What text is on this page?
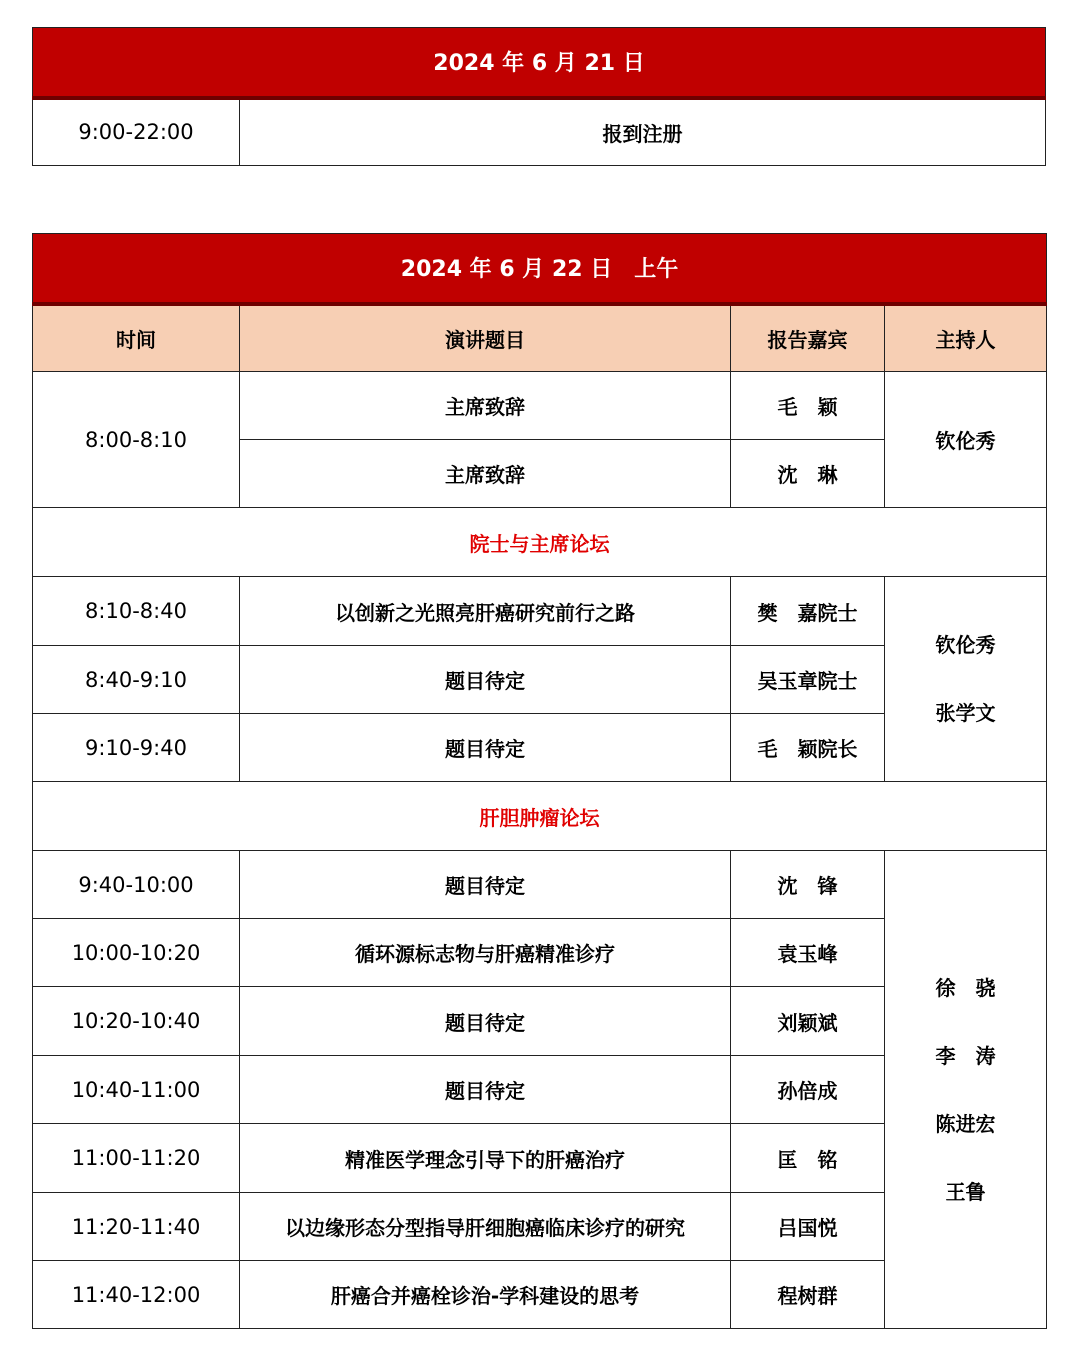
2024 年 6 月 21 日
9:00-22:00	报到注册
2024 年 6 月 22 日　上午			
时间	演讲题目	报告嘉宾	主持人
8:00-8:10	主席致辞	毛　颖	钦伦秀
	主席致辞	沈　琳	
院士与主席论坛			
8:10-8:40	以创新之光照亮肝癌研究前行之路	樊　嘉院士	钦伦秀
张学文

8:40-9:10	题目待定	吴玉章院士	
9:10-9:40	题目待定	毛　颖院长	
肝胆肿瘤论坛			
9:40-10:00	题目待定	沈　锋	徐　骁
李　涛
陈进宏
王鲁

10:00-10:20	循环源标志物与肝癌精准诊疗	袁玉峰	
10:20-10:40	题目待定	刘颖斌	
10:40-11:00	题目待定	孙倍成	
11:00-11:20	精准医学理念引导下的肝癌治疗	匡　铭	
11:20-11:40	以边缘形态分型指导肝细胞癌临床诊疗的研究	吕国悦	
11:40-12:00	肝癌合并癌栓诊治-学科建设的思考	程树群	
